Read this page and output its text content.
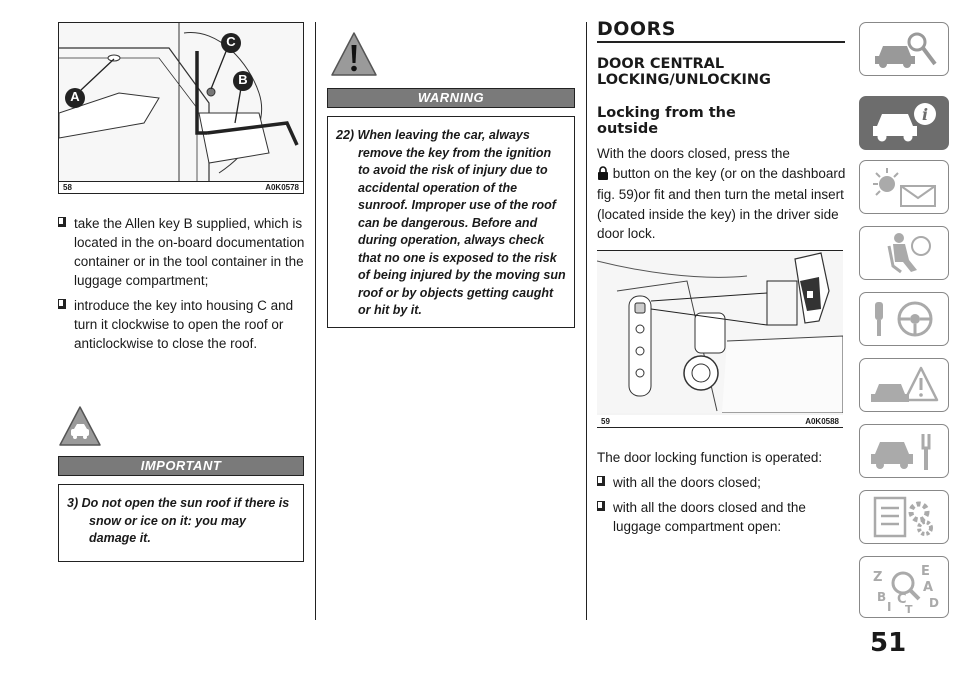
A
C
B
58	A0K0578
take the Allen key B supplied, which is located in the on-board documentation container or in the tool container in the luggage compartment;
introduce the key into housing C and turn it clockwise to open the roof or anticlockwise to close the roof.
IMPORTANT
3) Do not open the sun roof if there is snow or ice on it: you may damage it.
WARNING
22) When leaving the car, always remove the key from the ignition to avoid the risk of injury due to accidental operation of the sunroof. Improper use of the roof can be dangerous. Before and during operation, always check that no one is exposed to the risk of being injured by the moving sun roof or by objects getting caught or hit by it.
DOORS
DOOR CENTRAL LOCKING/UNLOCKING
Locking from the outside
With the doors closed, press the
button on the key (or on the dashboard fig. 59)or fit and then turn the metal insert (located inside the key) in the driver side door lock.
59	A0K0588
The door locking function is operated:
with all the doors closed;
with all the doors closed and the luggage compartment open:
51
i
Z
B
I C
T
E
A
D
